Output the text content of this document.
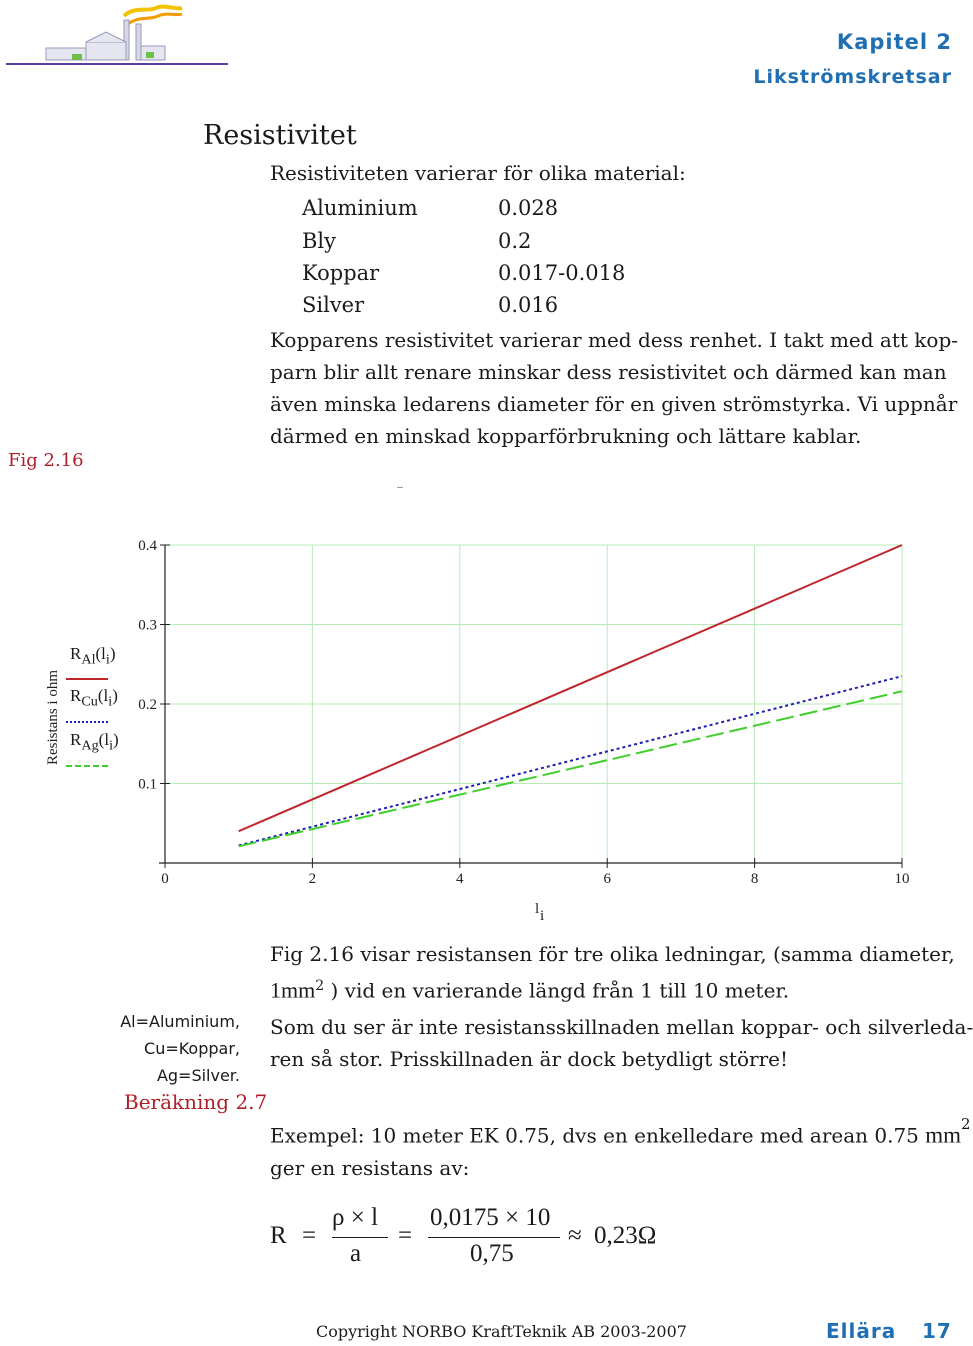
Kapitel 2
Likströmskretsar
Resistivitet
Resistiviteten varierar för olika material:
Aluminium	0.028
Bly	0.2
Koppar	0.017-0.018
Silver	0.016
Kopparens resistivitet varierar med dess renhet. I takt med att kop-
parn blir allt renare minskar dess resistivitet och därmed kan man
även minska ledarens diameter för en given strömstyrka. Vi uppnår
därmed en minskad kopparförbrukning och lättare kablar.
Fig 2.16
0	2	4	6	8	10
0.1
0.2
0.3
0.4
l i
Resistans i ohm
$R_{Al}(l_i)$
$R_{Cu}(l_i)$
$R_{Ag}(l_i)$
Al=Aluminium,
Cu=Koppar,
Ag=Silver.
Beräkning 2.7
Fig 2.16 visar resistansen för tre olika ledningar, (samma diameter,
$1mm^2$ ) vid en varierande längd från 1 till 10 meter.
Som du ser är inte resistansskillnaden mellan koppar- och silverleda-
ren så stor. Prisskillnaden är dock betydligt större!
Exempel: 10 meter EK 0.75, dvs en enkelledare med arean 0.75 $mm^2$
ger en resistans av:
R =
ρ × l
a
=
0,0175 × 10
0,75
≈ 0,23Ω
Copyright NORBO KraftTeknik AB 2003-2007	Ellära 17
